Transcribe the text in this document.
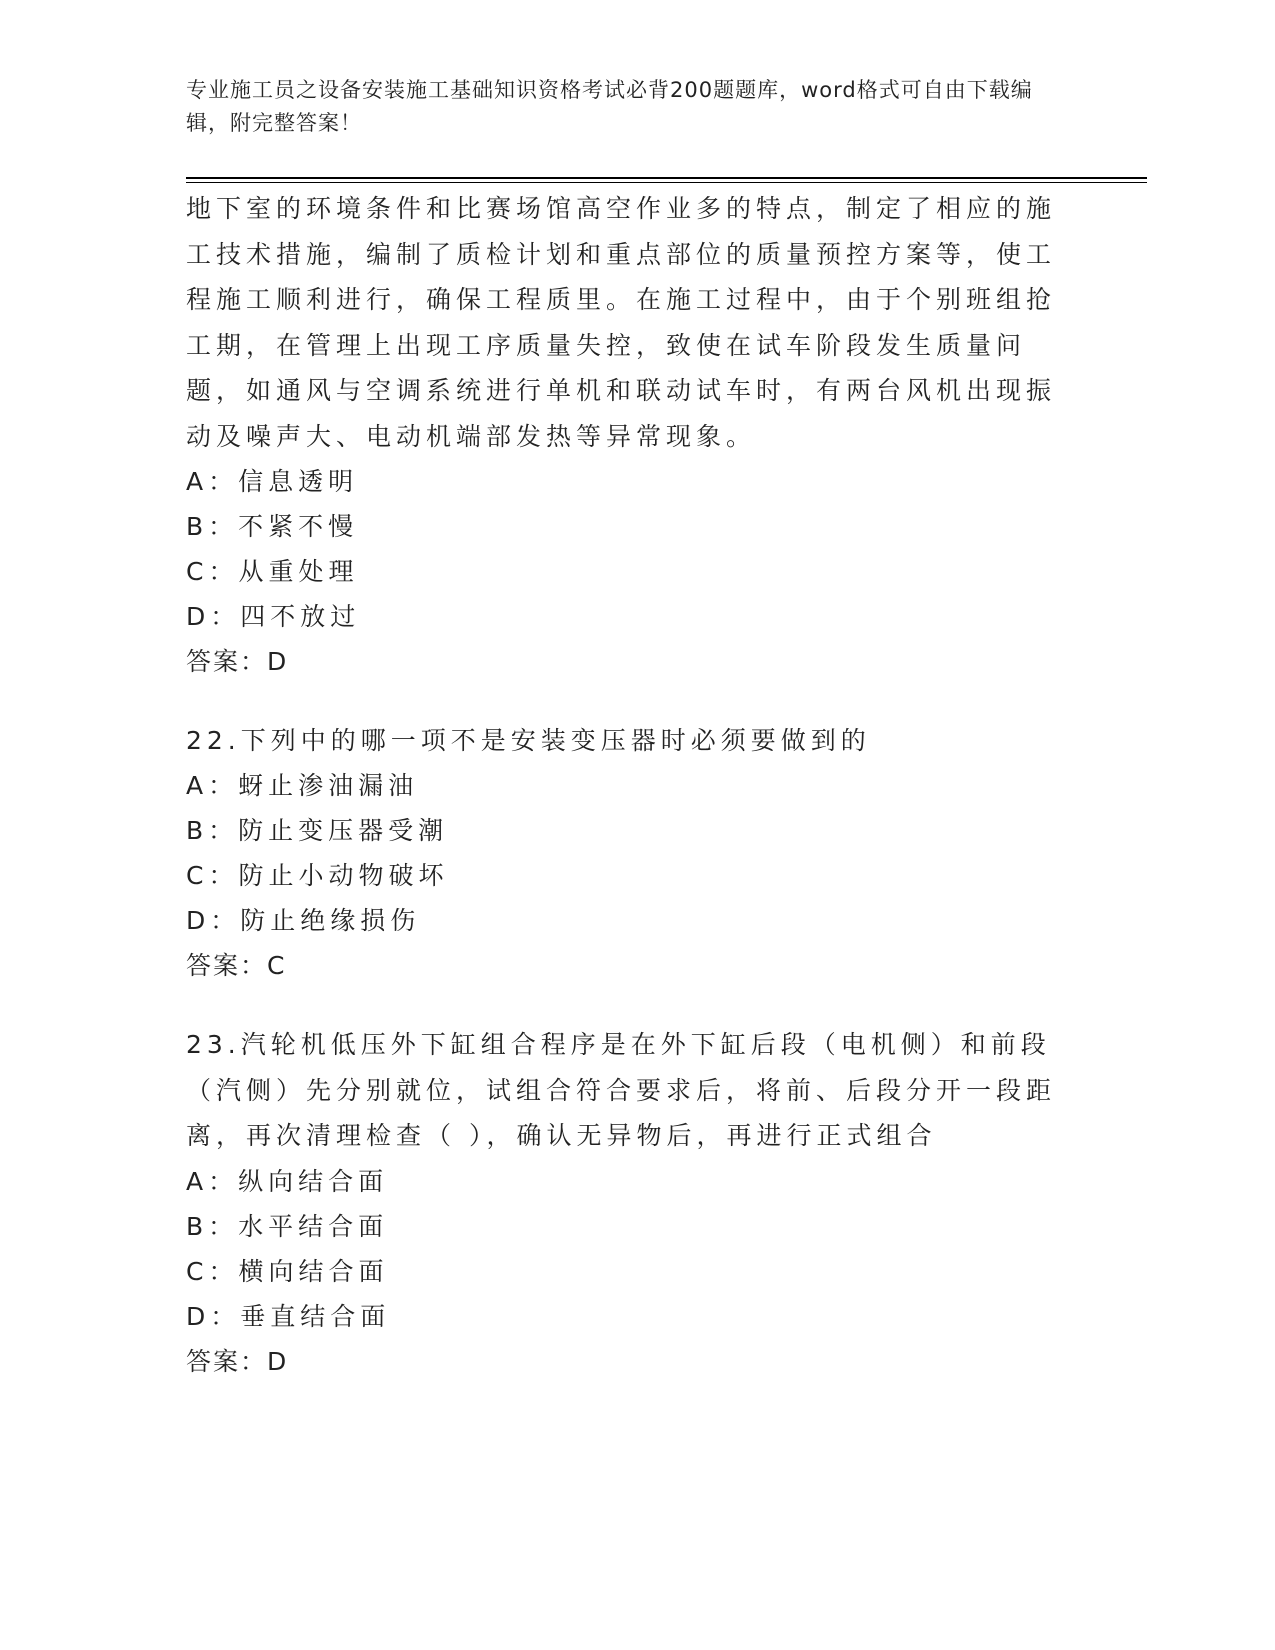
专业施工员之设备安装施工基础知识资格考试必背200题题库，word格式可自由下载编辑，附完整答案！
地下室的环境条件和比赛场馆高空作业多的特点，制定了相应的施工技术措施，编制了质检计划和重点部位的质量预控方案等，使工程施工顺利进行，确保工程质里。在施工过程中，由于个别班组抢工期，在管理上出现工序质量失控，致使在试车阶段发生质量问题，如通风与空调系统进行单机和联动试车时，有两台风机出现振动及噪声大、电动机端部发热等异常现象。
A：信息透明
B：不紧不慢
C：从重处理
D：四不放过
答案：D
22.下列中的哪一项不是安装变压器时必须要做到的
A：蚜止渗油漏油
B：防止变压器受潮
C：防止小动物破坏
D：防止绝缘损伤
答案：C
23.汽轮机低压外下缸组合程序是在外下缸后段（电机侧）和前段（汽侧）先分别就位，试组合符合要求后，将前、后段分开一段距离，再次清理检查（ ），确认无异物后，再进行正式组合
A：纵向结合面
B：水平结合面
C：横向结合面
D：垂直结合面
答案：D
